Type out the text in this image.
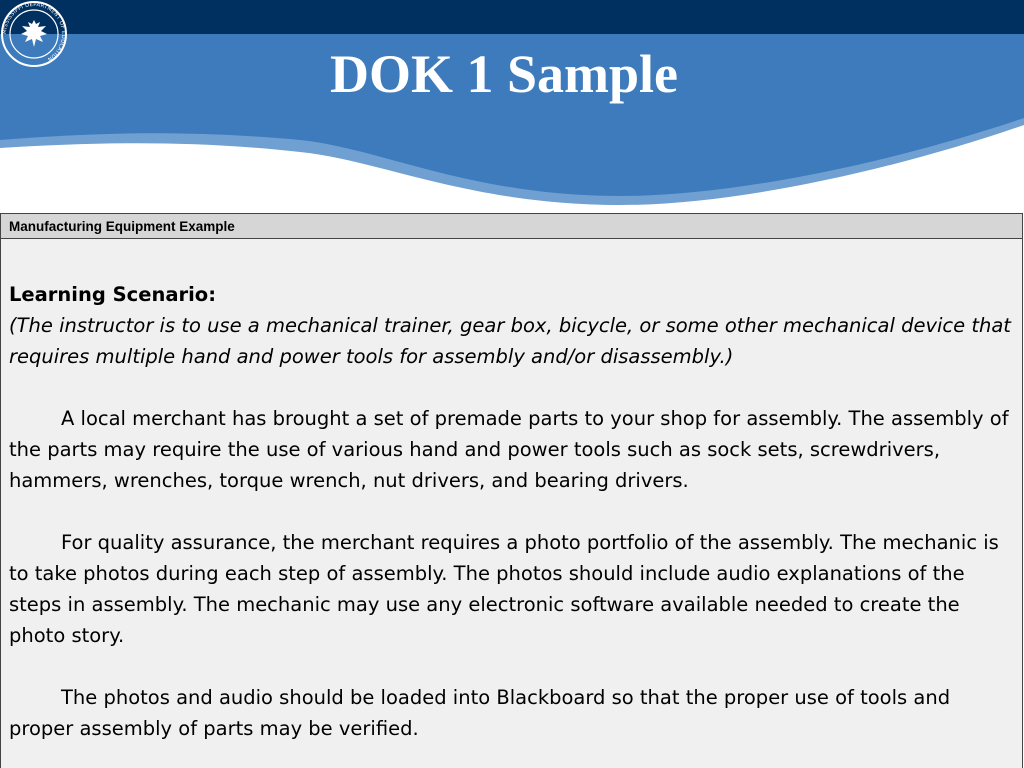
DOK 1 Sample
MISSISSIPPI DEPARTMENT OF EDUCATION
Manufacturing Equipment Example

Learning Scenario:

(The instructor is to use a mechanical trainer, gear box, bicycle, or some other mechanical device that requires multiple hand and power tools for assembly and/or disassembly.)

A local merchant has brought a set of premade parts to your shop for assembly. The assembly of the parts may require the use of various hand and power tools such as sock sets, screwdrivers, hammers, wrenches, torque wrench, nut drivers, and bearing drivers.

For quality assurance, the merchant requires a photo portfolio of the assembly. The mechanic is to take photos during each step of assembly. The photos should include audio explanations of the steps in assembly. The mechanic may use any electronic software available needed to create the photo story.

The photos and audio should be loaded into Blackboard so that the proper use of tools and proper assembly of parts may be verified.
